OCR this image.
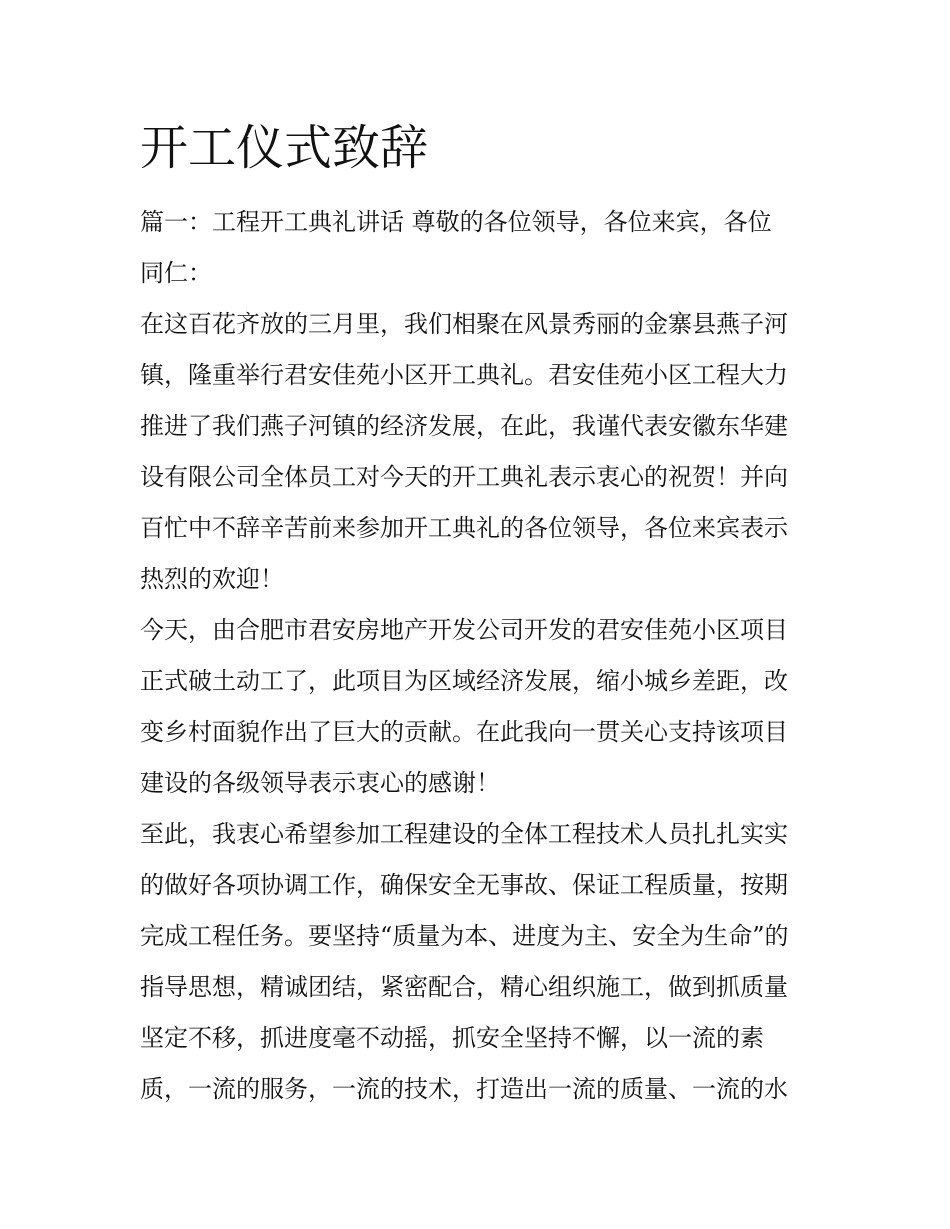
开工仪式致辞

篇一：工程开工典礼讲话 尊敬的各位领导，各位来宾，各位

同仁：

在这百花齐放的三月里，我们相聚在风景秀丽的金寨县燕子河

镇，隆重举行君安佳苑小区开工典礼。君安佳苑小区工程大力

推进了我们燕子河镇的经济发展，在此，我谨代表安徽东华建

设有限公司全体员工对今天的开工典礼表示衷心的祝贺！并向

百忙中不辞辛苦前来参加开工典礼的各位领导，各位来宾表示

热烈的欢迎！

今天，由合肥市君安房地产开发公司开发的君安佳苑小区项目

正式破土动工了，此项目为区域经济发展，缩小城乡差距，改

变乡村面貌作出了巨大的贡献。在此我向一贯关心支持该项目

建设的各级领导表示衷心的感谢！

至此，我衷心希望参加工程建设的全体工程技术人员扎扎实实

的做好各项协调工作，确保安全无事故、保证工程质量，按期

完成工程任务。要坚持“质量为本、进度为主、安全为生命”的

指导思想，精诚团结，紧密配合，精心组织施工，做到抓质量

坚定不移，抓进度毫不动摇，抓安全坚持不懈，以一流的素

质，一流的服务，一流的技术，打造出一流的质量、一流的水
